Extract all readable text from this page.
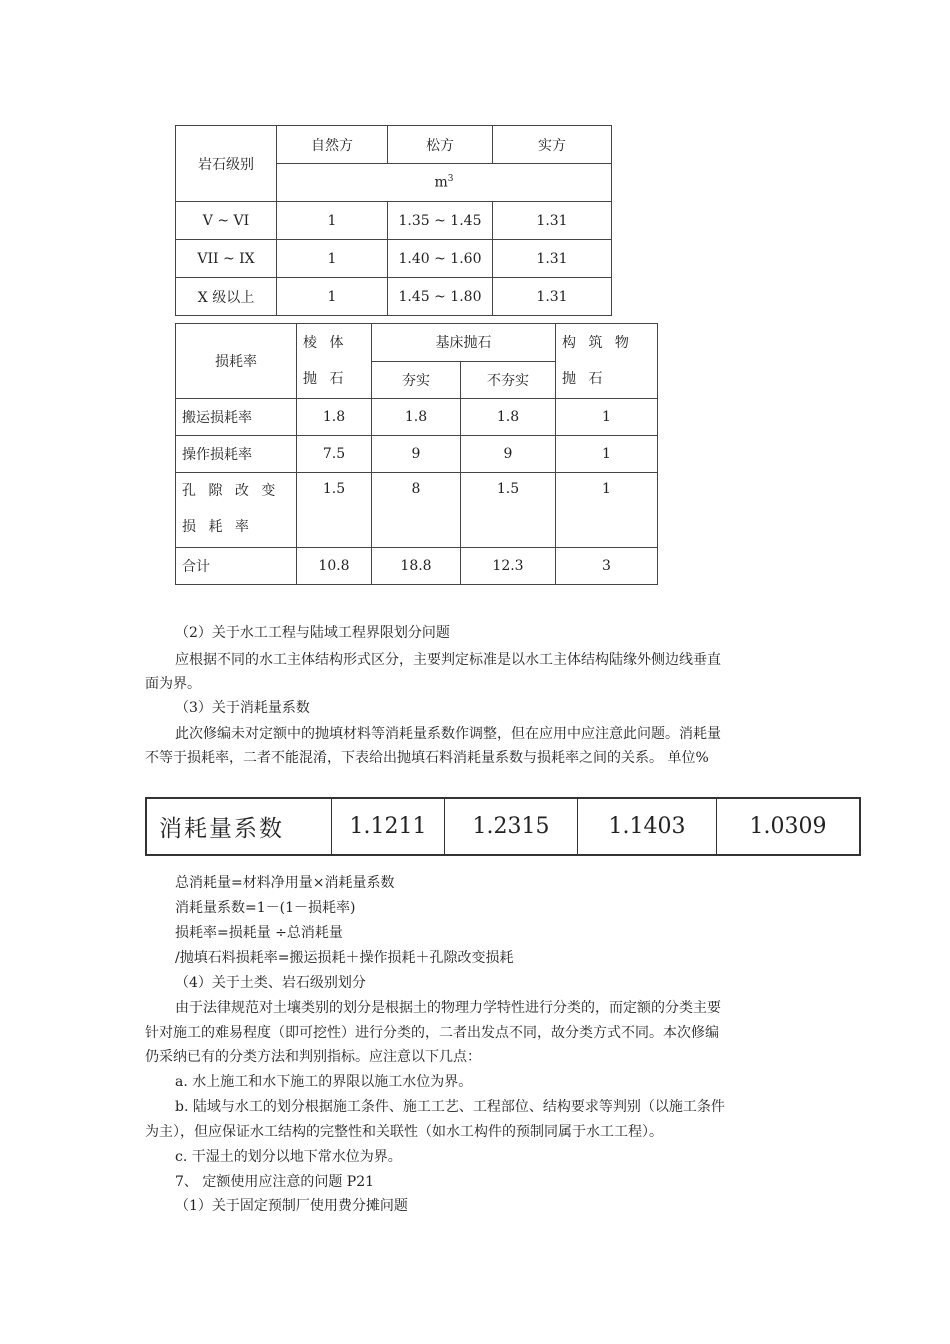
岩石级别	自然方	松方	实方
	$m^3$
V ~ VI	1	1.35 ~ 1.45	1.31
VII ~ IX	1	1.40 ~ 1.60	1.31
X 级以上	1	1.45 ~ 1.80	1.31
损耗率	棱 体 抛 石	基床抛石		构 筑 物 抛 石
		夯实	不夯实	
搬运损耗率	1.8	1.8	1.8	1
操作损耗率	7.5	9	9	1
孔 隙 改 变 损 耗 率	1.5	8	1.5	1
合计	10.8	18.8	12.3	3
（2）关于水工工程与陆域工程界限划分问题
应根据不同的水工主体结构形式区分，主要判定标准是以水工主体结构陆缘外侧边线垂直
面为界。
（3）关于消耗量系数
此次修编未对定额中的抛填材料等消耗量系数作调整，但在应用中应注意此问题。消耗量
不等于损耗率，二者不能混淆，下表给出抛填石料消耗量系数与损耗率之间的关系。 单位%
消耗量系数	1.1211	1.2315	1.1403	1.0309
总消耗量=材料净用量×消耗量系数
消耗量系数=1－(1－损耗率)
损耗率=损耗量 ÷总消耗量
/抛填石料损耗率=搬运损耗＋操作损耗＋孔隙改变损耗
（4）关于土类、岩石级别划分
由于法律规范对土壤类别的划分是根据土的物理力学特性进行分类的，而定额的分类主要
针对施工的难易程度（即可挖性）进行分类的，二者出发点不同，故分类方式不同。本次修编
仍采纳已有的分类方法和判别指标。应注意以下几点：
a. 水上施工和水下施工的界限以施工水位为界。
b. 陆域与水工的划分根据施工条件、施工工艺、工程部位、结构要求等判别（以施工条件
为主），但应保证水工结构的完整性和关联性（如水工构件的预制同属于水工工程）。
c. 干湿土的划分以地下常水位为界。
7、 定额使用应注意的问题 P21
（1）关于固定预制厂使用费分摊问题
